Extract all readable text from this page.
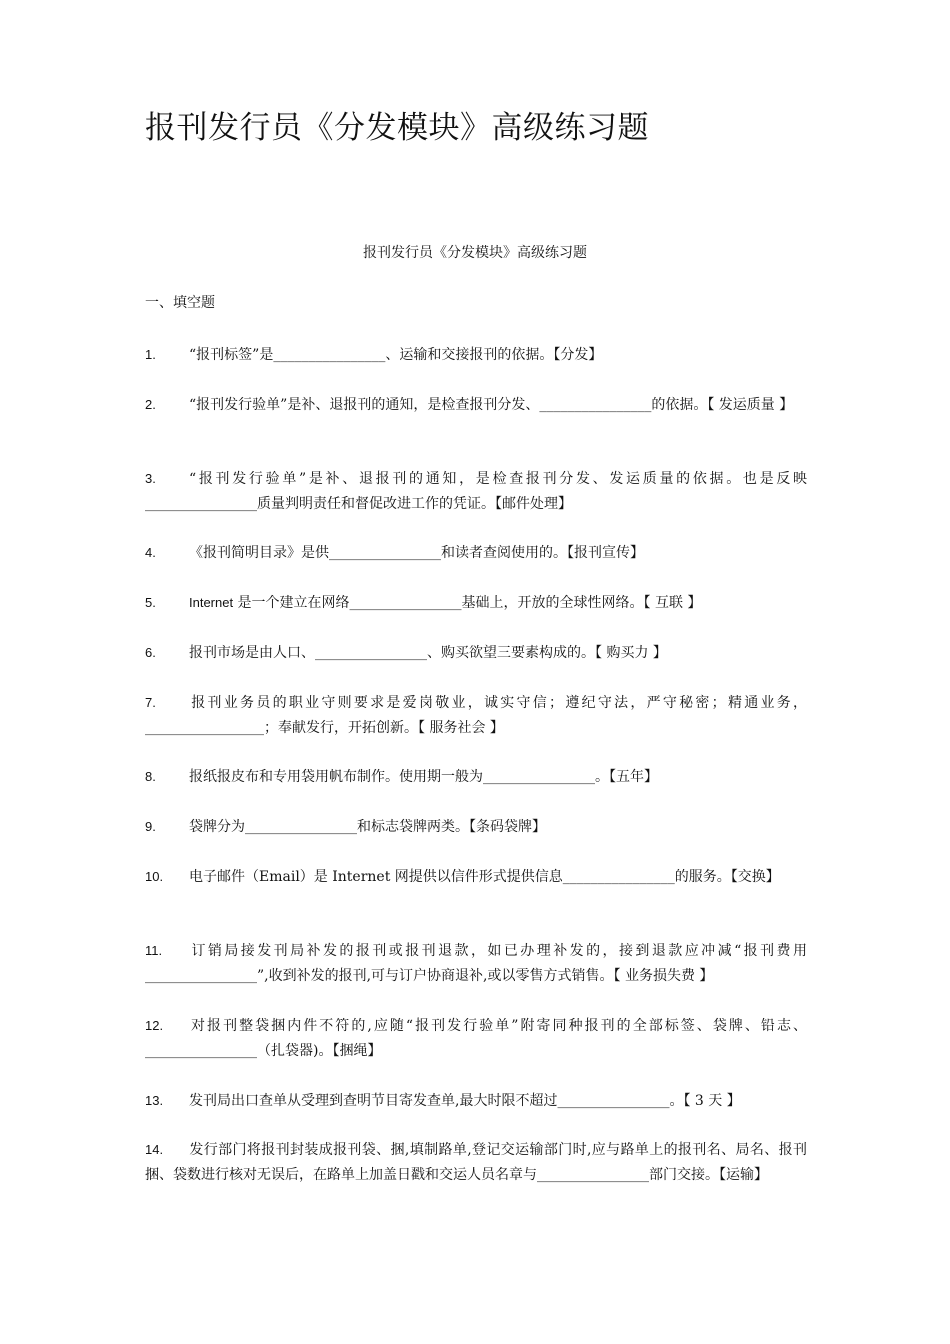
报刊发行员《分发模块》高级练习题

报刊发行员《分发模块》高级练习题

一、填空题

1. “报刊标签”是________________、运输和交接报刊的依据。【分发】

2. “报刊发行验单”是补、退报刊的通知，是检查报刊分发、________________的依据。【 发运质量 】

3. “报刊发行验单”是补、退报刊的通知，是检查报刊分发、发运质量的依据。也是反映________________质量判明责任和督促改进工作的凭证。【邮件处理】

4. 《报刊简明目录》是供________________和读者查阅使用的。【报刊宣传】

5.	Internet 是一个建立在网络________________基础上，开放的全球性网络。【 互联 】

6. 报刊市场是由人口、________________、购买欲望三要素构成的。【 购买力 】

7. 报刊业务员的职业守则要求是爱岗敬业，诚实守信；遵纪守法，严守秘密；精通业务，_________________；奉献发行，开拓创新。【 服务社会 】

8. 报纸报皮布和专用袋用帆布制作。使用期一般为________________。【五年】

9. 袋牌分为________________和标志袋牌两类。【条码袋牌】

10. 电子邮件（Email）是 Internet 网提供以信件形式提供信息________________的服务。【交换】

11. 订销局接发刊局补发的报刊或报刊退款，如已办理补发的，接到退款应冲减“报刊费用________________”,收到补发的报刊,可与订户协商退补,或以零售方式销售。【 业务损失费 】

12. 对报刊整袋捆内件不符的,应随“报刊发行验单”附寄同种报刊的全部标签、袋牌、铅志、________________（扎袋器)。【捆绳】

13. 发刊局出口查单从受理到查明节目寄发查单,最大时限不超过________________。【 3 天 】

14. 发行部门将报刊封装成报刊袋、捆,填制路单,登记交运输部门时,应与路单上的报刊名、局名、报刊捆、袋数进行核对无误后，在路单上加盖日戳和交运人员名章与________________部门交接。【运输】
